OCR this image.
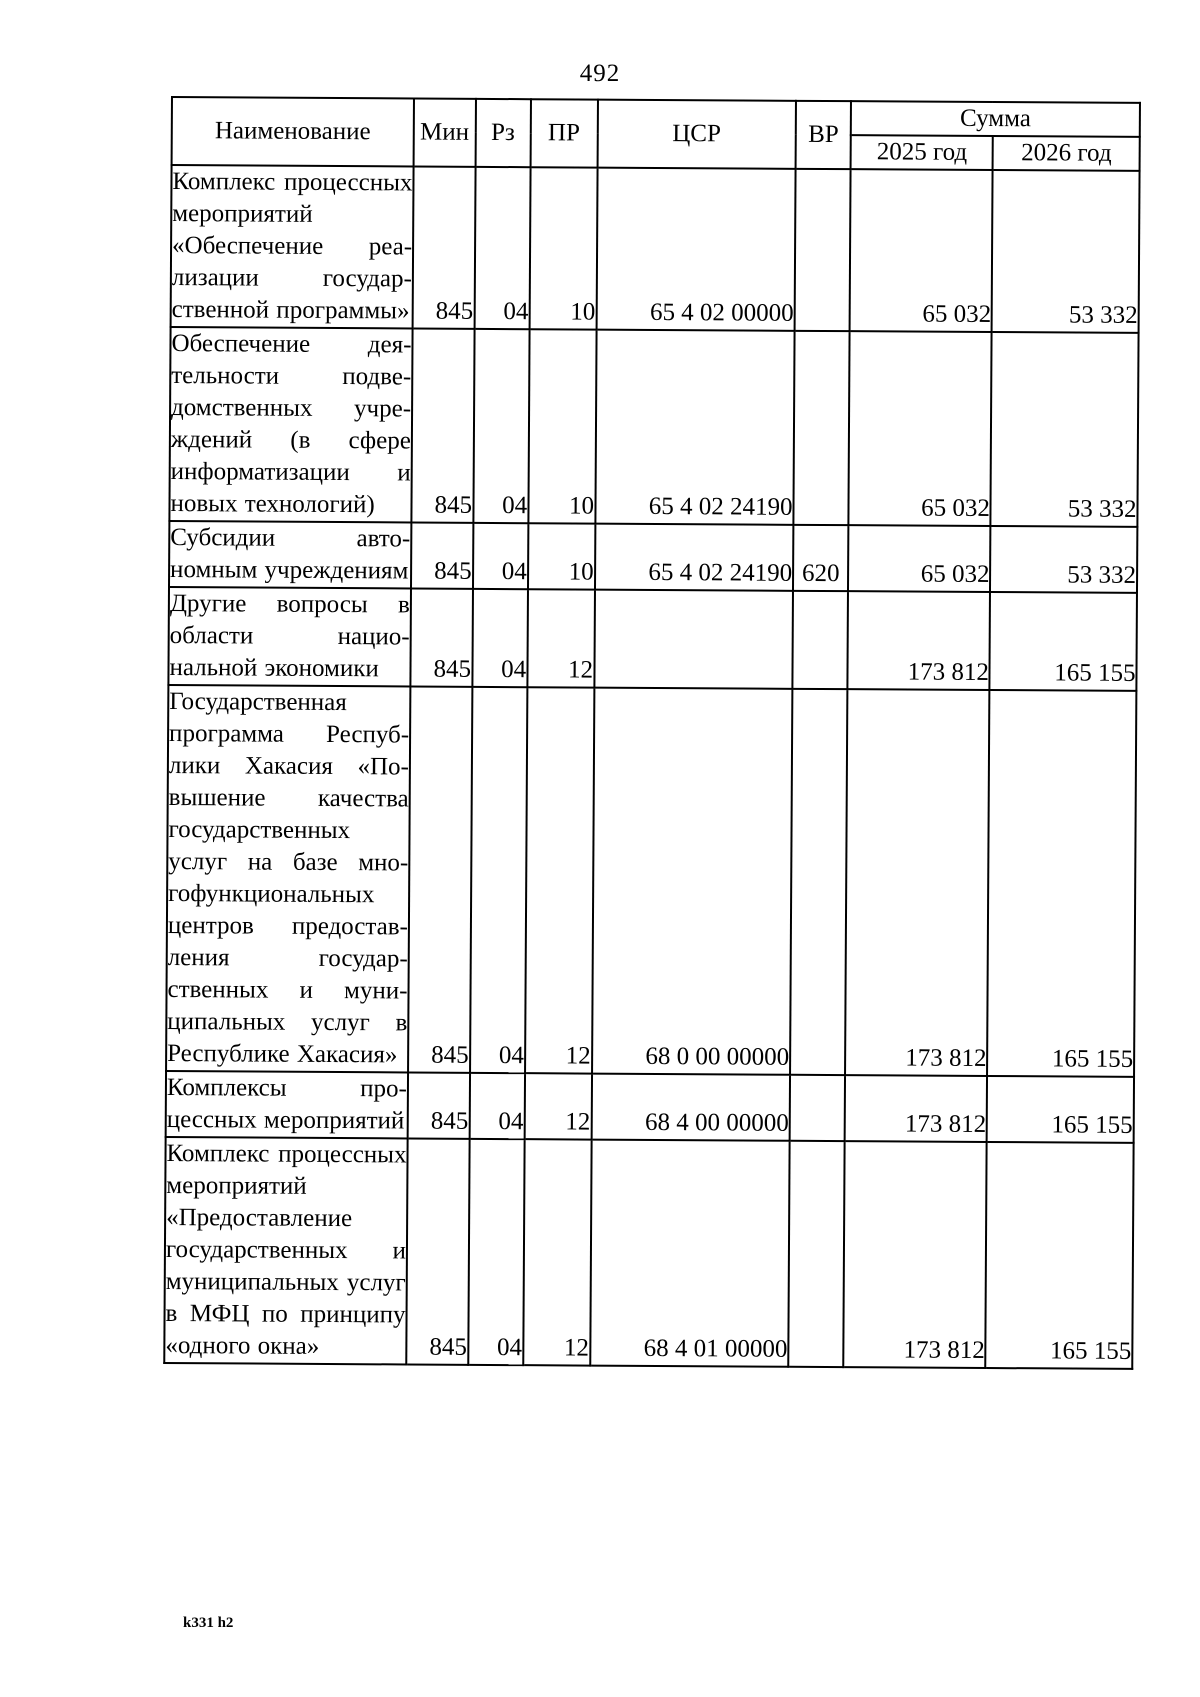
492
Наименование	Мин	Рз	ПР	ЦСР	ВР	Сумма	
						2025 год	2026 год
Комплекс процессных мероприятий «Обеспечение реализации государственной программы»	845	04	10	65 4 02 00000		65 032	53 332
Обеспечение деятельности подведомственных учреждений (в сфере информатизации и новых технологий)	845	04	10	65 4 02 24190		65 032	53 332
Субсидии автономным учреждениям	845	04	10	65 4 02 24190	620	65 032	53 332
Другие вопросы в области национальной экономики	845	04	12			173 812	165 155
Государственная программа Республики Хакасия «Повышение качества государственных услуг на базе многофункциональных центров предоставления государственных и муниципальных услуг в Республике Хакасия»	845	04	12	68 0 00 00000		173 812	165 155
Комплексы процессных мероприятий	845	04	12	68 4 00 00000		173 812	165 155
Комплекс процессных мероприятий «Предоставление государственных и муниципальных услуг в МФЦ по принципу «одного окна»	845	04	12	68 4 01 00000		173 812	165 155
k331 h2
